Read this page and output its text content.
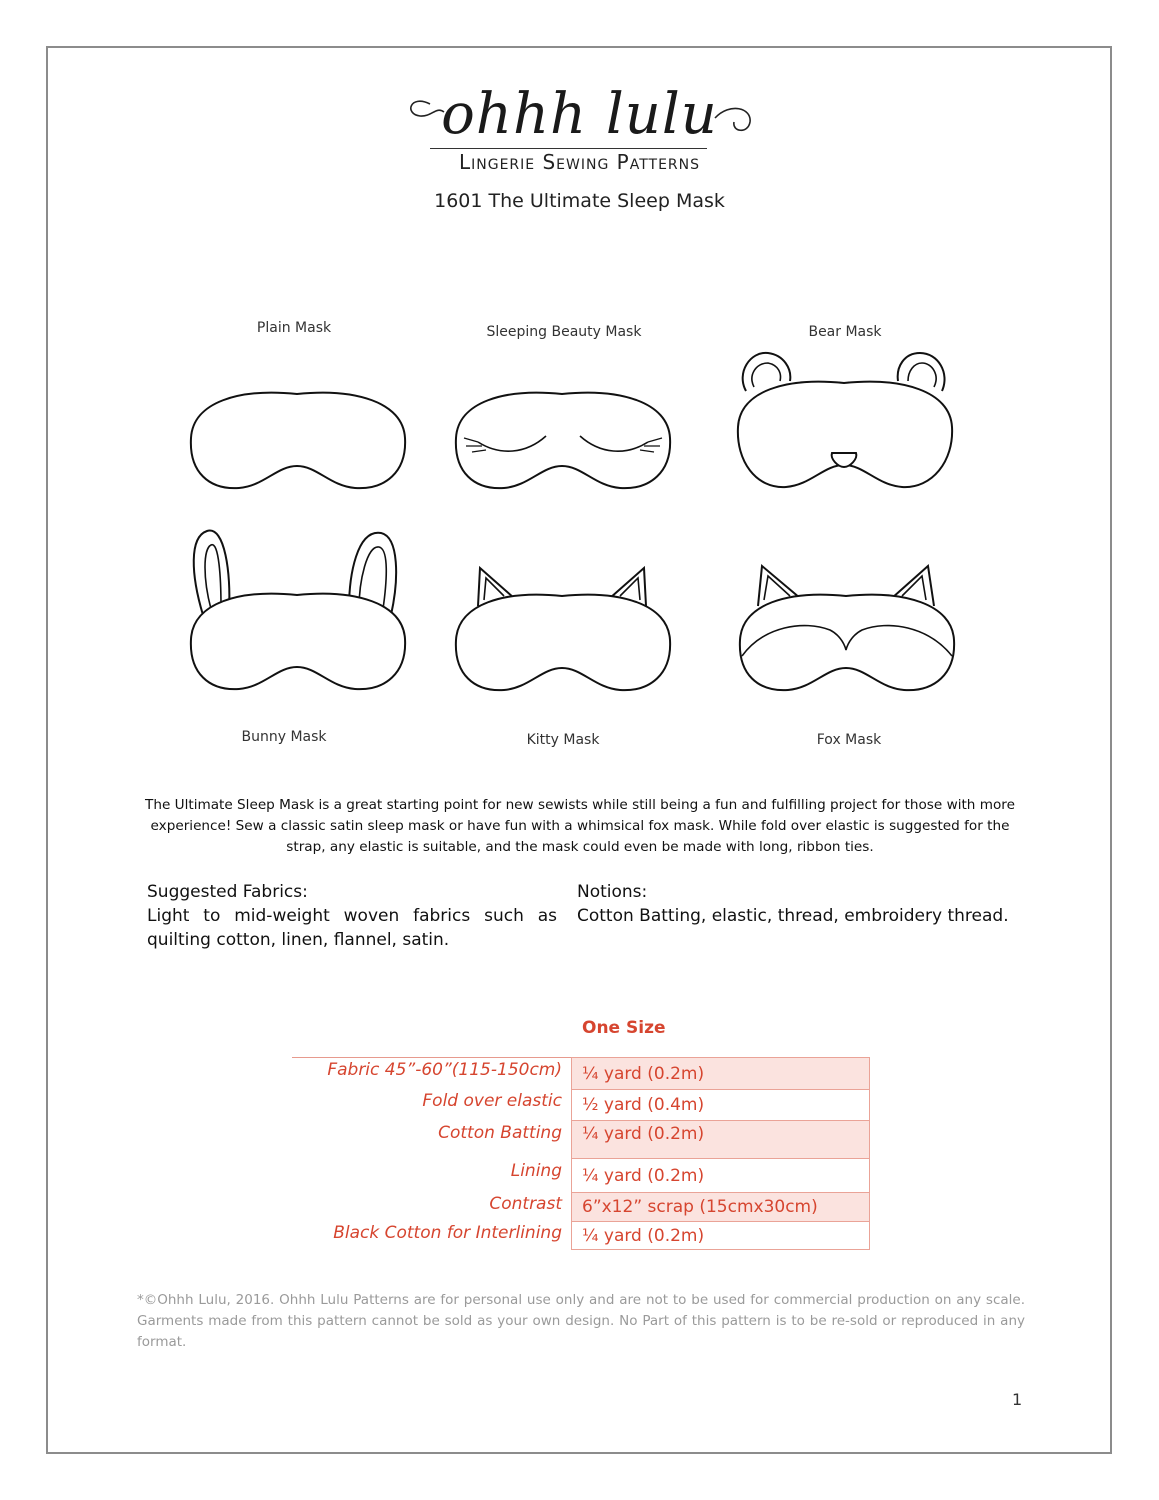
ohhh lulu
Lingerie Sewing Patterns
1601 The Ultimate Sleep Mask
Plain Mask	Sleeping Beauty Mask	Bear Mask
Bunny Mask	Kitty Mask	Fox Mask
The Ultimate Sleep Mask is a great starting point for new sewists while still being a fun and fulfilling project for those with more experience! Sew a classic satin sleep mask or have fun with a whimsical fox mask. While fold over elastic is suggested for the strap, any elastic is suitable, and the mask could even be made with long, ribbon ties.
Suggested Fabrics:
Light to mid-weight woven fabrics such as quilting cotton, linen, flannel, satin.
Notions:
Cotton Batting, elastic, thread, embroidery thread.
One Size
Fabric 45”-60”(115-150cm)	¼ yard (0.2m)
Fold over elastic	½ yard (0.4m)
Cotton Batting	¼ yard (0.2m)
Lining	¼ yard (0.2m)
Contrast	6”x12” scrap (15cmx30cm)
Black Cotton for Interlining	¼ yard (0.2m)
*©Ohhh Lulu, 2016. Ohhh Lulu Patterns are for personal use only and are not to be used for commercial production on any scale. Garments made from this pattern cannot be sold as your own design. No Part of this pattern is to be re-sold or reproduced in any format.
1
